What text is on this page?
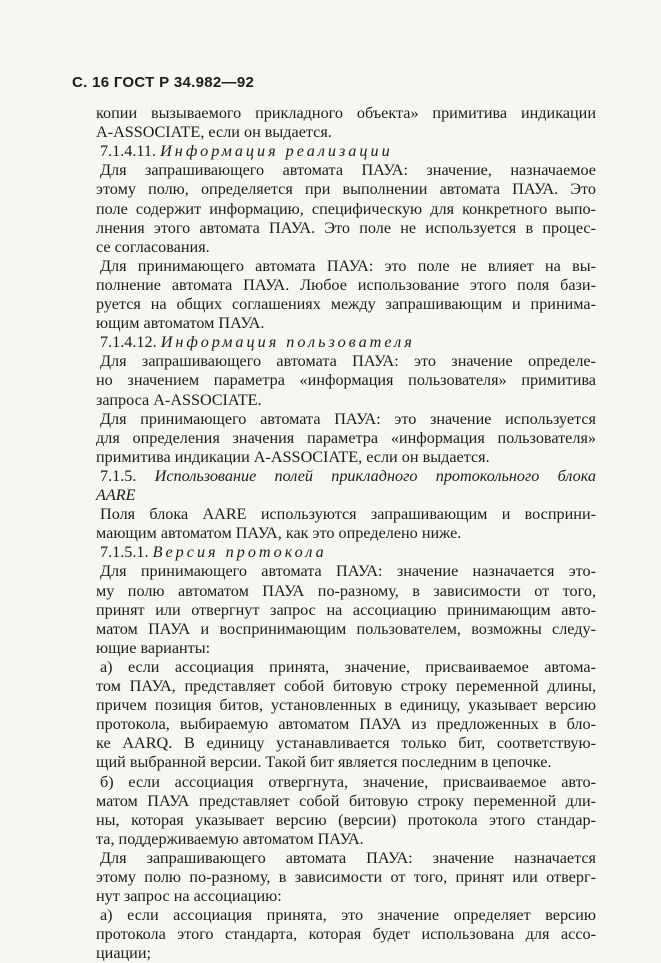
С. 16 ГОСТ Р 34.982—92
копии вызываемого прикладного объекта» примитива индикации
A-ASSOCIATE, если он выдается.
7.1.4.11. Информация реализации
Для запрашивающего автомата ПАУА: значение, назначаемое
этому полю, определяется при выполнении автомата ПАУА. Это
поле содержит информацию, специфическую для конкретного выпо-
лнения этого автомата ПАУА. Это поле не используется в процес-
се согласования.
Для принимающего автомата ПАУА: это поле не влияет на вы-
полнение автомата ПАУА. Любое использование этого поля бази-
руется на общих соглашениях между запрашивающим и принима-
ющим автоматом ПАУА.
7.1.4.12. Информация пользователя
Для запрашивающего автомата ПАУА: это значение определе-
но значением параметра «информация пользователя» примитива
запроса A-ASSOCIATE.
Для принимающего автомата ПАУА: это значение используется
для определения значения параметра «информация пользователя»
примитива индикации A-ASSOCIATE, если он выдается.
7.1.5. Использование полей прикладного протокольного блока
AARE
Поля блока AARE используются запрашивающим и восприни-
мающим автоматом ПАУА, как это определено ниже.
7.1.5.1. Версия протокола
Для принимающего автомата ПАУА: значение назначается это-
му полю автоматом ПАУА по-разному, в зависимости от того,
принят или отвергнут запрос на ассоциацию принимающим авто-
матом ПАУА и воспринимающим пользователем, возможны следу-
ющие варианты:
а) если ассоциация принята, значение, присваиваемое автома-
том ПАУА, представляет собой битовую строку переменной длины,
причем позиция битов, установленных в единицу, указывает версию
протокола, выбираемую автоматом ПАУА из предложенных в бло-
ке AARQ. В единицу устанавливается только бит, соответствую-
щий выбранной версии. Такой бит является последним в цепочке.
б) если ассоциация отвергнута, значение, присваиваемое авто-
матом ПАУА представляет собой битовую строку переменной дли-
ны, которая указывает версию (версии) протокола этого стандар-
та, поддерживаемую автоматом ПАУА.
Для запрашивающего автомата ПАУА: значение назначается
этому полю по-разному, в зависимости от того, принят или отверг-
нут запрос на ассоциацию:
а) если ассоциация принята, это значение определяет версию
протокола этого стандарта, которая будет использована для ассо-
циации;
